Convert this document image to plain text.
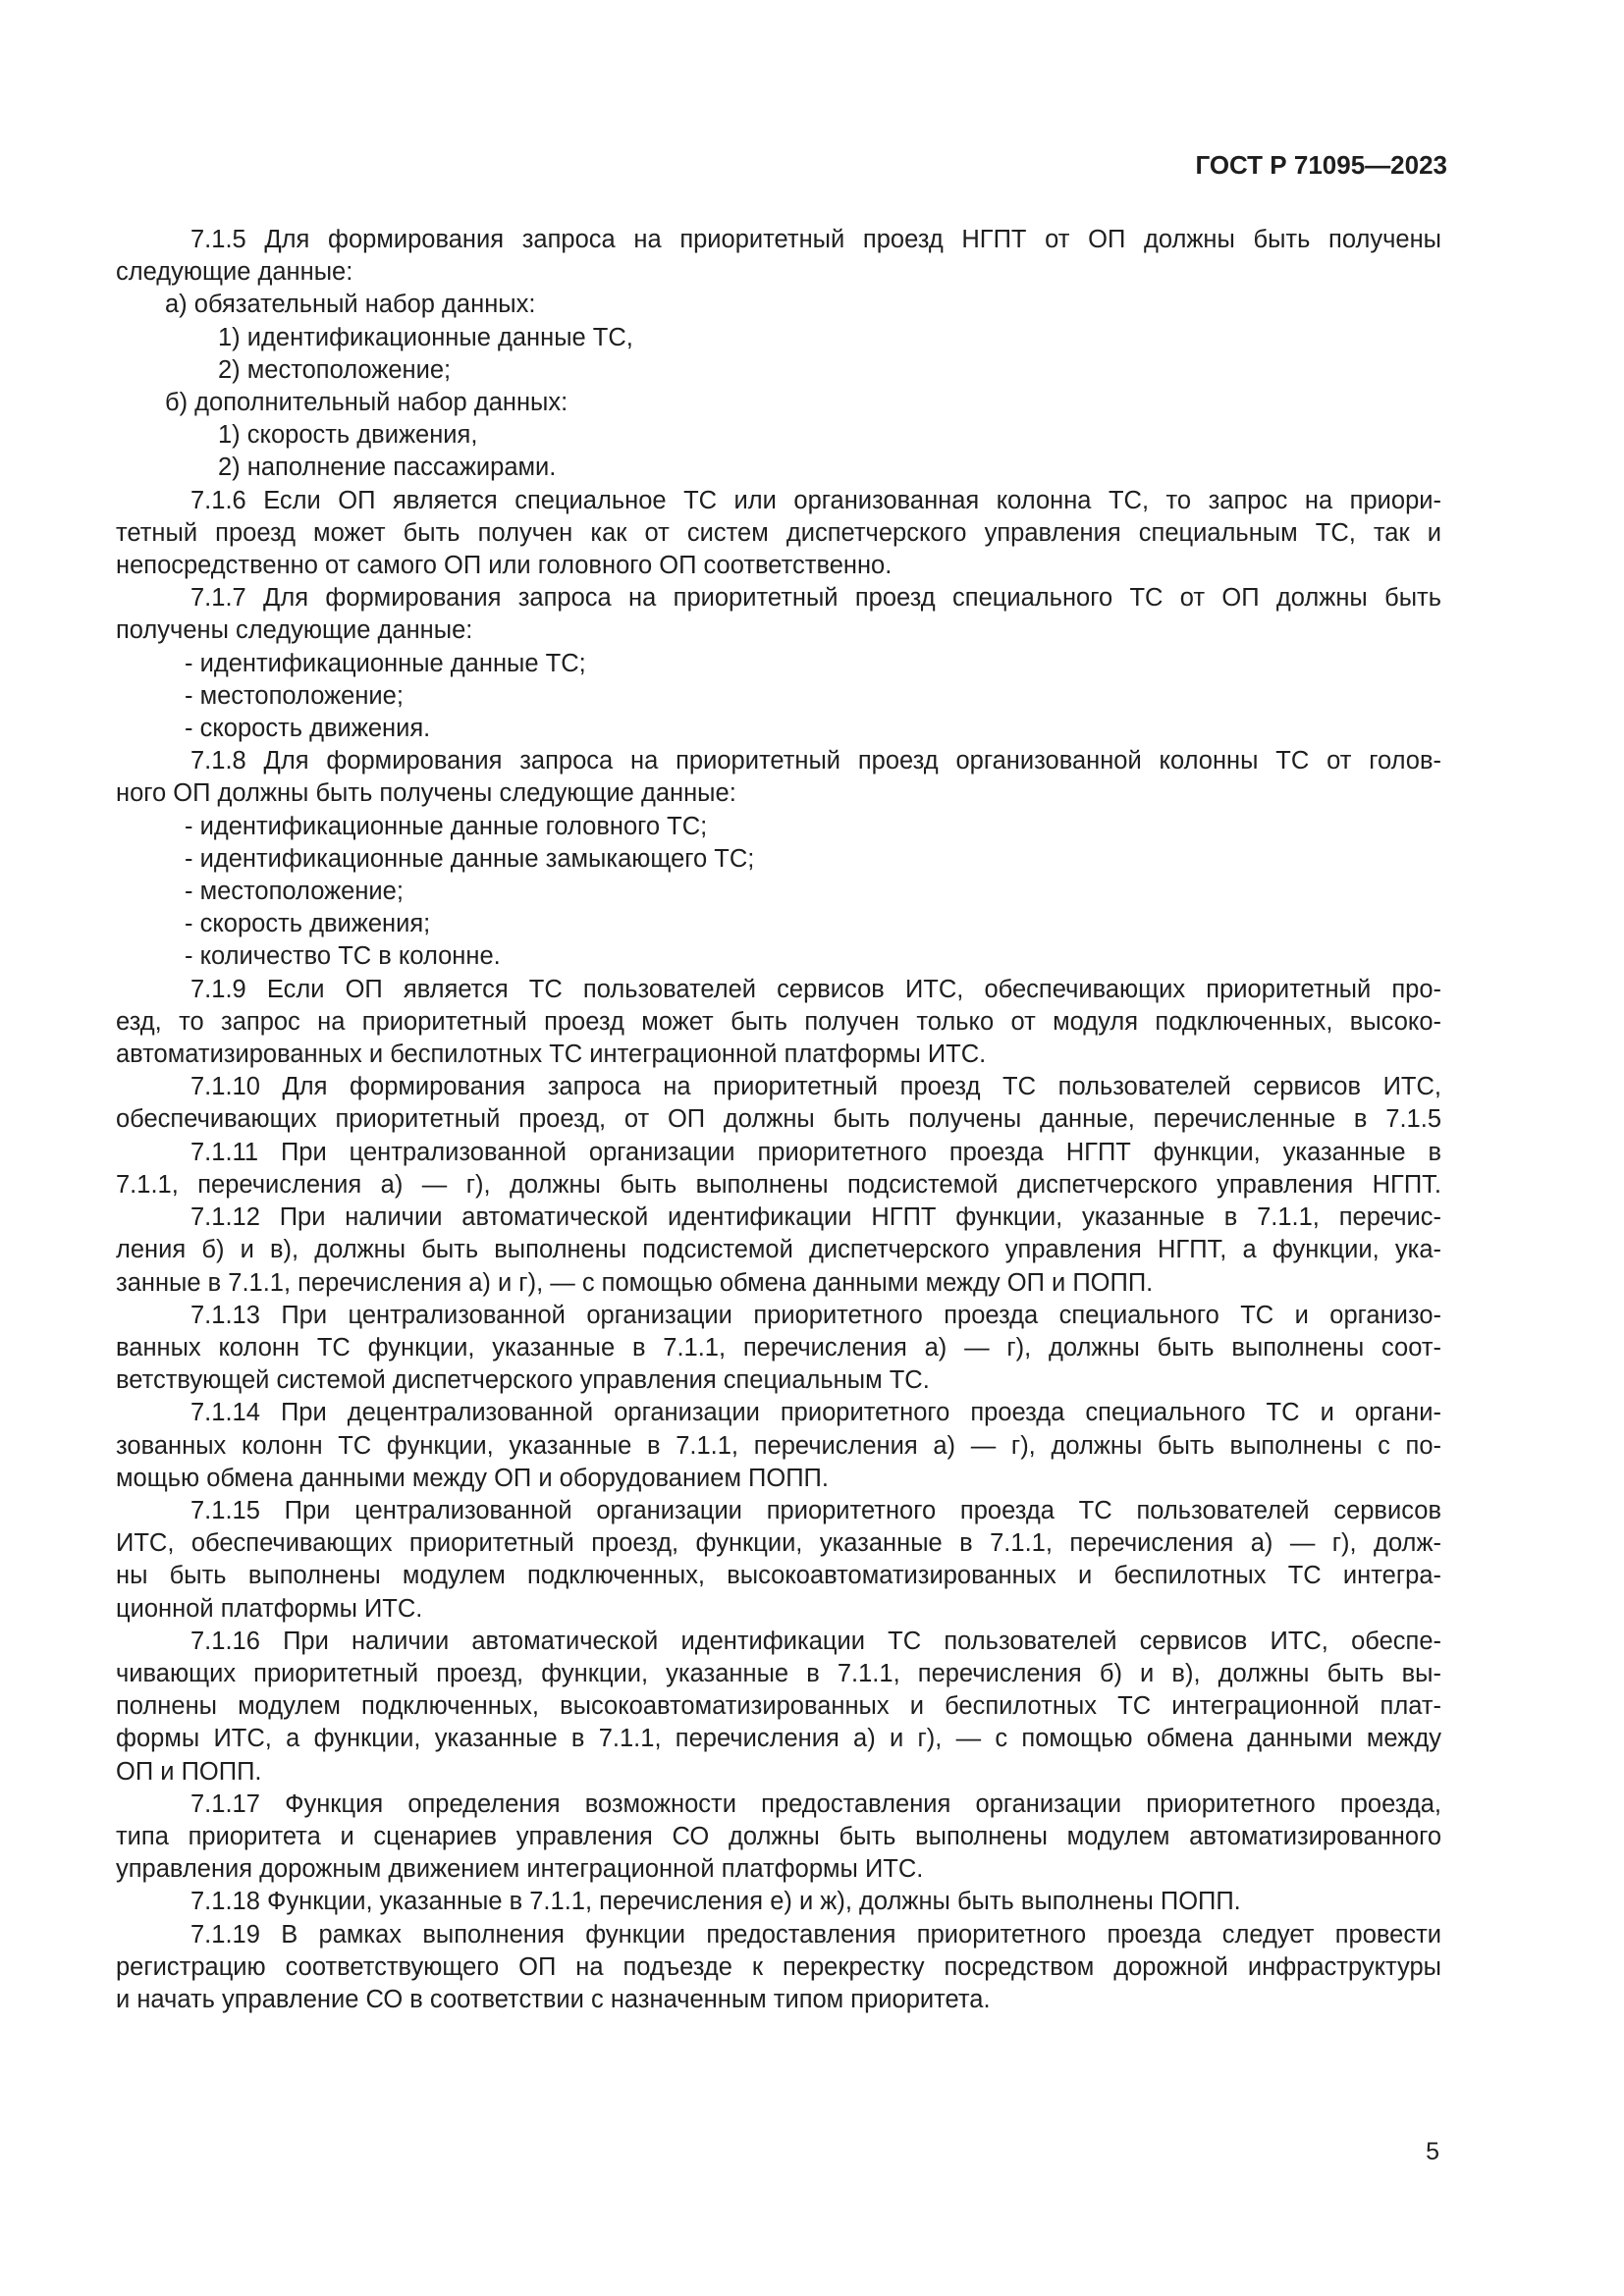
ГОСТ Р 71095—2023
7.1.5 Для формирования запроса на приоритетный проезд НГПТ от ОП должны быть получены
следующие данные:
а) обязательный набор данных:
1) идентификационные данные ТС,
2) местоположение;
б) дополнительный набор данных:
1) скорость движения,
2) наполнение пассажирами.
7.1.6 Если ОП является специальное ТС или организованная колонна ТС, то запрос на приори-
тетный проезд может быть получен как от систем диспетчерского управления специальным ТС, так и
непосредственно от самого ОП или головного ОП соответственно.
7.1.7 Для формирования запроса на приоритетный проезд специального ТС от ОП должны быть
получены следующие данные:
- идентификационные данные ТС;
- местоположение;
- скорость движения.
7.1.8 Для формирования запроса на приоритетный проезд организованной колонны ТС от голов-
ного ОП должны быть получены следующие данные:
- идентификационные данные головного ТС;
- идентификационные данные замыкающего ТС;
- местоположение;
- скорость движения;
- количество ТС в колонне.
7.1.9 Если ОП является ТС пользователей сервисов ИТС, обеспечивающих приоритетный про-
езд, то запрос на приоритетный проезд может быть получен только от модуля подключенных, высоко-
автоматизированных и беспилотных ТС интеграционной платформы ИТС.
7.1.10 Для формирования запроса на приоритетный проезд ТС пользователей сервисов ИТС,
обеспечивающих приоритетный проезд, от ОП должны быть получены данные, перечисленные в 7.1.5
7.1.11 При централизованной организации приоритетного проезда НГПТ функции, указанные в
7.1.1, перечисления а) — г), должны быть выполнены подсистемой диспетчерского управления НГПТ.
7.1.12 При наличии автоматической идентификации НГПТ функции, указанные в 7.1.1, перечис-
ления б) и в), должны быть выполнены подсистемой диспетчерского управления НГПТ, а функции, ука-
занные в 7.1.1, перечисления а) и г), — с помощью обмена данными между ОП и ПОПП.
7.1.13 При централизованной организации приоритетного проезда специального ТС и организо-
ванных колонн ТС функции, указанные в 7.1.1, перечисления а) — г), должны быть выполнены соот-
ветствующей системой диспетчерского управления специальным ТС.
7.1.14 При децентрализованной организации приоритетного проезда специального ТС и органи-
зованных колонн ТС функции, указанные в 7.1.1, перечисления а) — г), должны быть выполнены с по-
мощью обмена данными между ОП и оборудованием ПОПП.
7.1.15 При централизованной организации приоритетного проезда ТС пользователей сервисов
ИТС, обеспечивающих приоритетный проезд, функции, указанные в 7.1.1, перечисления а) — г), долж-
ны быть выполнены модулем подключенных, высокоавтоматизированных и беспилотных ТС интегра-
ционной платформы ИТС.
7.1.16 При наличии автоматической идентификации ТС пользователей сервисов ИТС, обеспе-
чивающих приоритетный проезд, функции, указанные в 7.1.1, перечисления б) и в), должны быть вы-
полнены модулем подключенных, высокоавтоматизированных и беспилотных ТС интеграционной плат-
формы ИТС, а функции, указанные в 7.1.1, перечисления а) и г), — с помощью обмена данными между
ОП и ПОПП.
7.1.17 Функция определения возможности предоставления организации приоритетного проезда,
типа приоритета и сценариев управления СО должны быть выполнены модулем автоматизированного
управления дорожным движением интеграционной платформы ИТС.
7.1.18 Функции, указанные в 7.1.1, перечисления е) и ж), должны быть выполнены ПОПП.
7.1.19 В рамках выполнения функции предоставления приоритетного проезда следует провести
регистрацию соответствующего ОП на подъезде к перекрестку посредством дорожной инфраструктуры
и начать управление СО в соответствии с назначенным типом приоритета.
5
